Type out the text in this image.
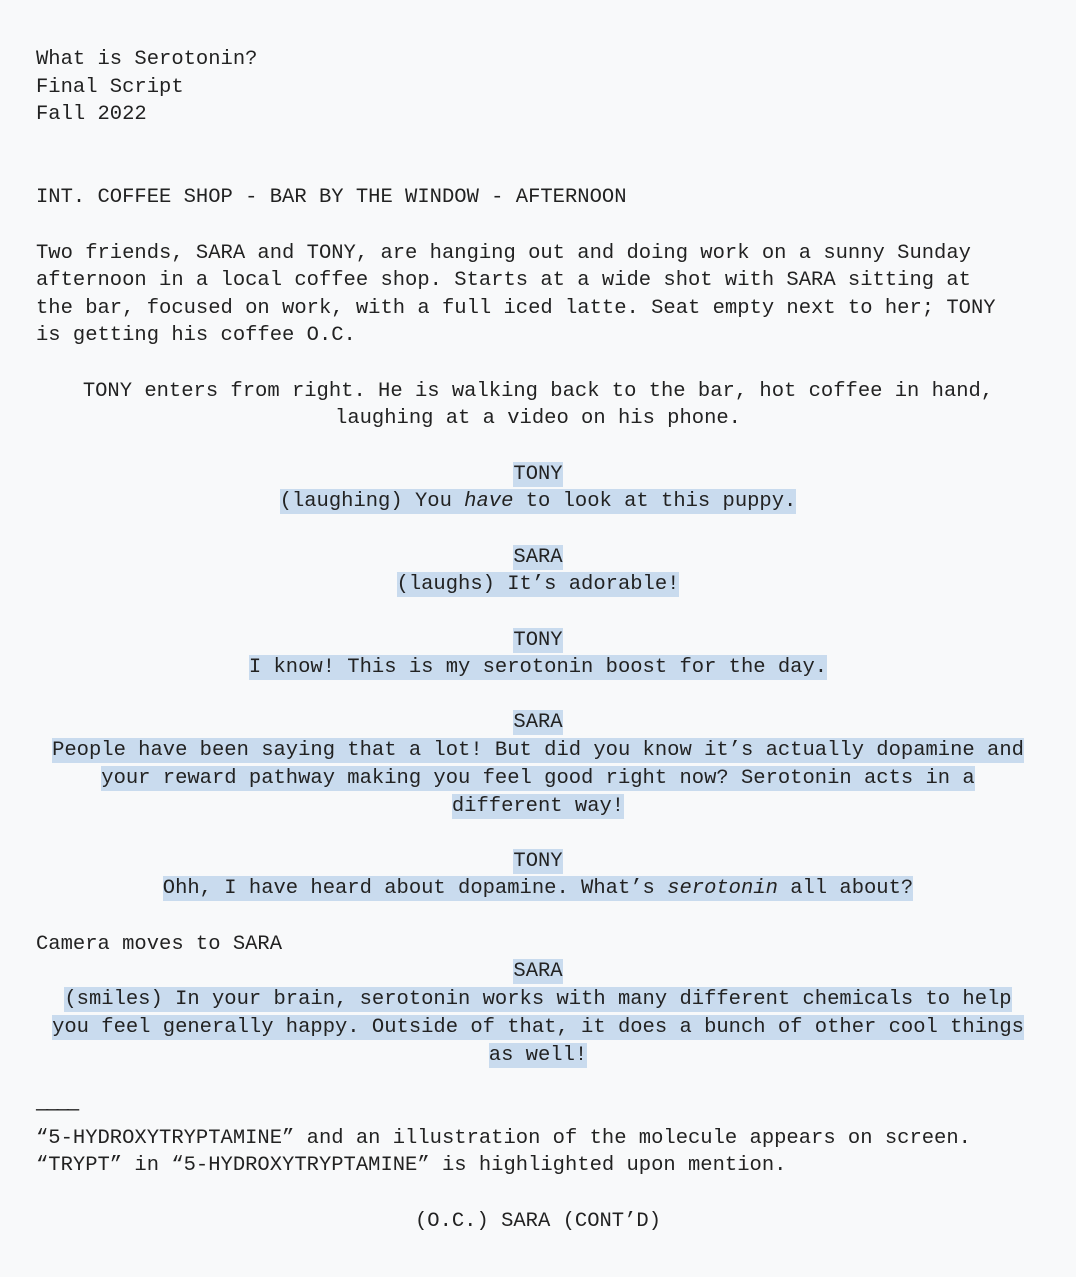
What is Serotonin?

Final Script

Fall 2022

INT. COFFEE SHOP - BAR BY THE WINDOW - AFTERNOON

Two friends, SARA and TONY, are hanging out and doing work on a sunny Sunday

afternoon in a local coffee shop. Starts at a wide shot with SARA sitting at

the bar, focused on work, with a full iced latte. Seat empty next to her; TONY

is getting his coffee O.C.

TONY enters from right. He is walking back to the bar, hot coffee in hand,

laughing at a video on his phone.

TONY

(laughing) You have to look at this puppy.

SARA

(laughs) It’s adorable!

TONY

I know! This is my serotonin boost for the day.

SARA

People have been saying that a lot! But did you know it’s actually dopamine and

your reward pathway making you feel good right now? Serotonin acts in a

different way!

TONY

Ohh, I have heard about dopamine. What’s serotonin all about?

Camera moves to SARA

SARA

(smiles) In your brain, serotonin works with many different chemicals to help

you feel generally happy. Outside of that, it does a bunch of other cool things

as well!

————

“5-HYDROXYTRYPTAMINE” and an illustration of the molecule appears on screen.

“TRYPT” in “5-HYDROXYTRYPTAMINE” is highlighted upon mention.

(O.C.) SARA (CONT’D)
